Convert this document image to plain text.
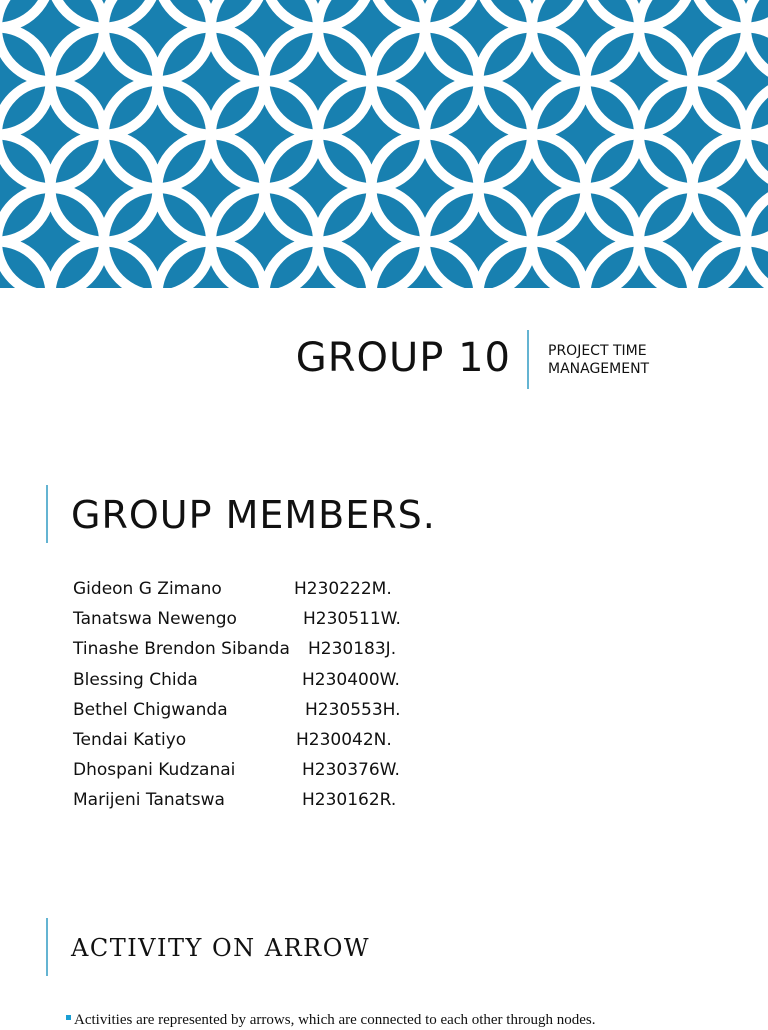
GROUP 10	PROJECT TIME
MANAGEMENT
GROUP MEMBERS.
Gideon G Zimano	H230222M.
Tanatswa Newengo	H230511W.
Tinashe Brendon Sibanda H230183J.
Blessing Chida	H230400W.
Bethel Chigwanda	H230553H.
Tendai Katiyo	H230042N.
Dhospani Kudzanai	H230376W.
Marijeni Tanatswa	H230162R.
ACTIVITY ON ARROW
Activities are represented by arrows, which are connected to each other through nodes.
